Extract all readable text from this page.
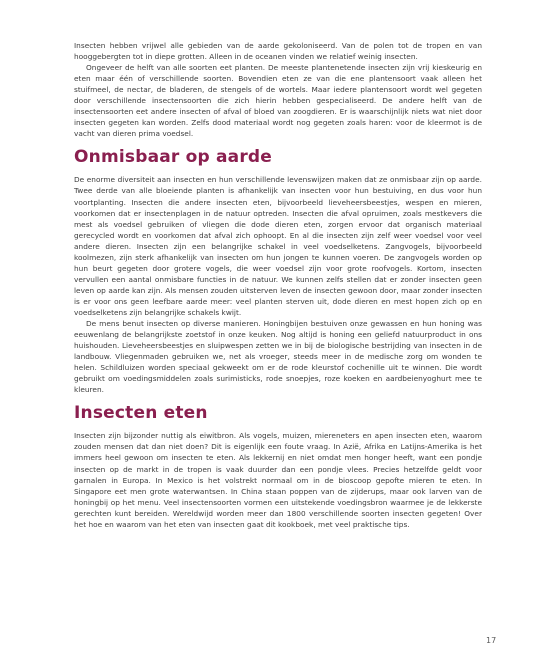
Insecten hebben vrijwel alle gebieden van de aarde gekoloniseerd. Van de polen tot de tropen en van hooggebergten tot in diepe grotten. Alleen in de oceanen vinden we relatief weinig insecten.

Ongeveer de helft van alle soorten eet planten. De meeste plantenetende insecten zijn vrij kieskeurig en eten maar één of verschillende soorten. Bovendien eten ze van die ene plantensoort vaak alleen het stuifmeel, de nectar, de bladeren, de stengels of de wortels. Maar iedere plantensoort wordt wel gegeten door verschillende insectensoorten die zich hierin hebben gespecialiseerd. De andere helft van de insectensoorten eet andere insecten of afval of bloed van zoogdieren. Er is waarschijnlijk niets wat niet door insecten gegeten kan worden. Zelfs dood materiaal wordt nog gegeten zoals haren: voor de kleermot is de vacht van dieren prima voedsel.

Onmisbaar op aarde

De enorme diversiteit aan insecten en hun verschillende levenswijzen maken dat ze onmisbaar zijn op aarde. Twee derde van alle bloeiende planten is afhankelijk van insecten voor hun bestuiving, en dus voor hun voortplanting. Insecten die andere insecten eten, bijvoorbeeld lieveheersbeestjes, wespen en mieren, voorkomen dat er insectenplagen in de natuur optreden. Insecten die afval opruimen, zoals mestkevers die mest als voedsel gebruiken of vliegen die dode dieren eten, zorgen ervoor dat organisch materiaal gerecycled wordt en voorkomen dat afval zich ophoopt. En al die insecten zijn zelf weer voedsel voor veel andere dieren. Insecten zijn een belangrijke schakel in veel voedselketens. Zangvogels, bijvoorbeeld koolmezen, zijn sterk afhankelijk van insecten om hun jongen te kunnen voeren. De zangvogels worden op hun beurt gegeten door grotere vogels, die weer voedsel zijn voor grote roofvogels. Kortom, insecten vervullen een aantal onmisbare functies in de natuur. We kunnen zelfs stellen dat er zonder insecten geen leven op aarde kan zijn. Als mensen zouden uitsterven leven de insecten gewoon door, maar zonder insecten is er voor ons geen leefbare aarde meer: veel planten sterven uit, dode dieren en mest hopen zich op en voedselketens zijn belangrijke schakels kwijt.

De mens benut insecten op diverse manieren. Honingbijen bestuiven onze gewassen en hun honing was eeuwenlang de belangrijkste zoetstof in onze keuken. Nog altijd is honing een geliefd natuurproduct in ons huishouden. Lieveheersbeestjes en sluipwespen zetten we in bij de biologische bestrijding van insecten in de landbouw. Vliegenmaden gebruiken we, net als vroeger, steeds meer in de medische zorg om wonden te helen. Schildluizen worden speciaal gekweekt om er de rode kleurstof cochenille uit te winnen. Die wordt gebruikt om voedingsmiddelen zoals surimisticks, rode snoepjes, roze koeken en aardbeienyoghurt mee te kleuren.

Insecten eten

Insecten zijn bijzonder nuttig als eiwitbron. Als vogels, muizen, miereneters en apen insecten eten, waarom zouden mensen dat dan niet doen? Dit is eigenlijk een foute vraag. In Azië, Afrika en Latijns-Amerika is het immers heel gewoon om insecten te eten. Als lekkernij en niet omdat men honger heeft, want een pondje insecten op de markt in de tropen is vaak duurder dan een pondje vlees. Precies hetzelfde geldt voor garnalen in Europa. In Mexico is het volstrekt normaal om in de bioscoop gepofte mieren te eten. In Singapore eet men grote waterwantsen. In China staan poppen van de zijderups, maar ook larven van de honingbij op het menu. Veel insectensoorten vormen een uitstekende voedingsbron waarmee je de lekkerste gerechten kunt bereiden. Wereldwijd worden meer dan 1800 verschillende soorten insecten gegeten! Over het hoe en waarom van het eten van insecten gaat dit kookboek, met veel praktische tips.

17
